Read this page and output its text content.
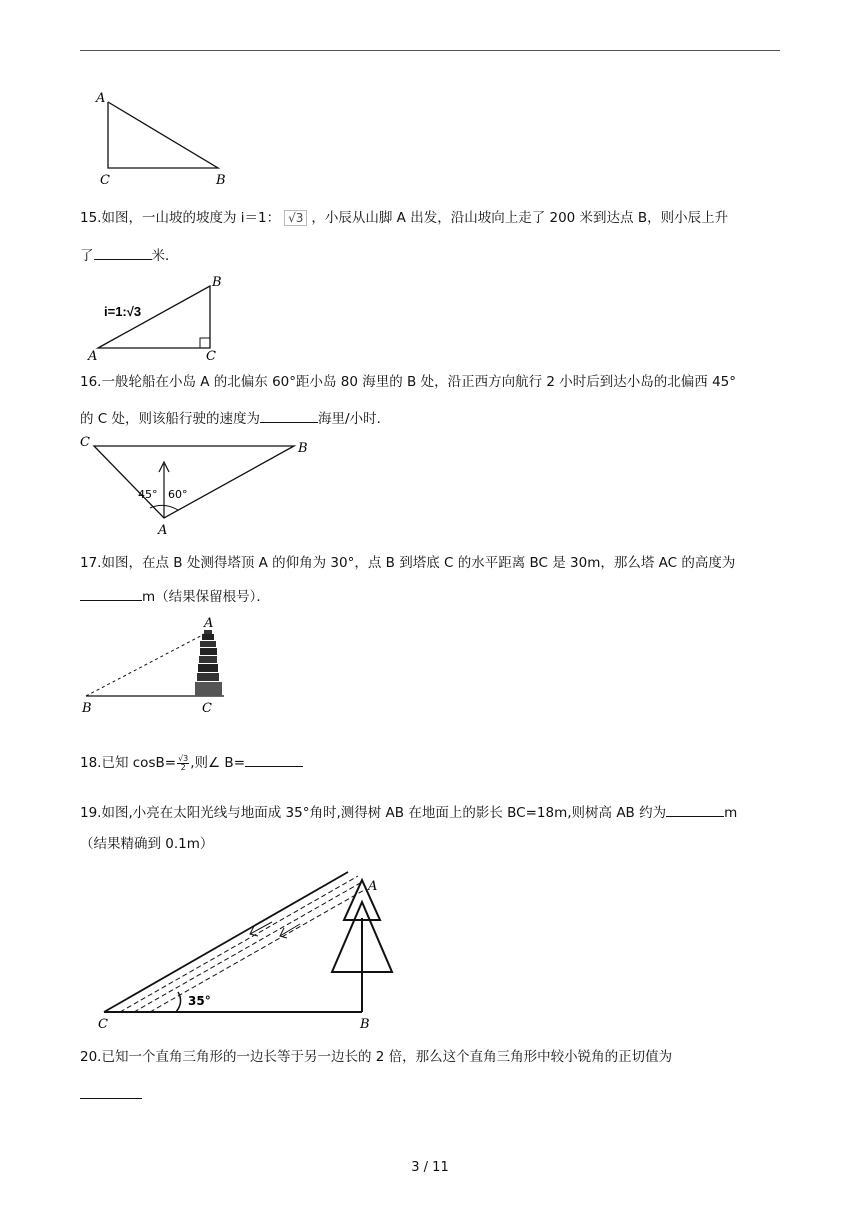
A
C	B
15.如图，一山坡的坡度为 i＝1： √3 ，小辰从山脚 A 出发，沿山坡向上走了 200 米到达点 B，则小辰上升
了	米．
i=1:√3
A
B
C
16.一般轮船在小岛 A 的北偏东 60°距小岛 80 海里的 B 处，沿正西方向航行 2 小时后到达小岛的北偏西 45°
的 C 处，则该船行驶的速度为	海里/小时．
45° 60°
C	B
A
17.如图，在点 B 处测得塔顶 A 的仰角为 30°，点 B 到塔底 C 的水平距离 BC 是 30m，那么塔 AC 的高度为
m（结果保留根号）．
A
B	C
18.已知 $\cos B= \frac{√3}{2}$ ,则∠ B=
19.如图,小亮在太阳光线与地面成 35°角时,测得树 AB 在地面上的影长 BC=18m,则树高 AB 约为	m
（结果精确到 0.1m）
35°
A
B
C
20.已知一个直角三角形的一边长等于另一边长的 2 倍，那么这个直角三角形中较小锐角的正切值为
3 / 11
